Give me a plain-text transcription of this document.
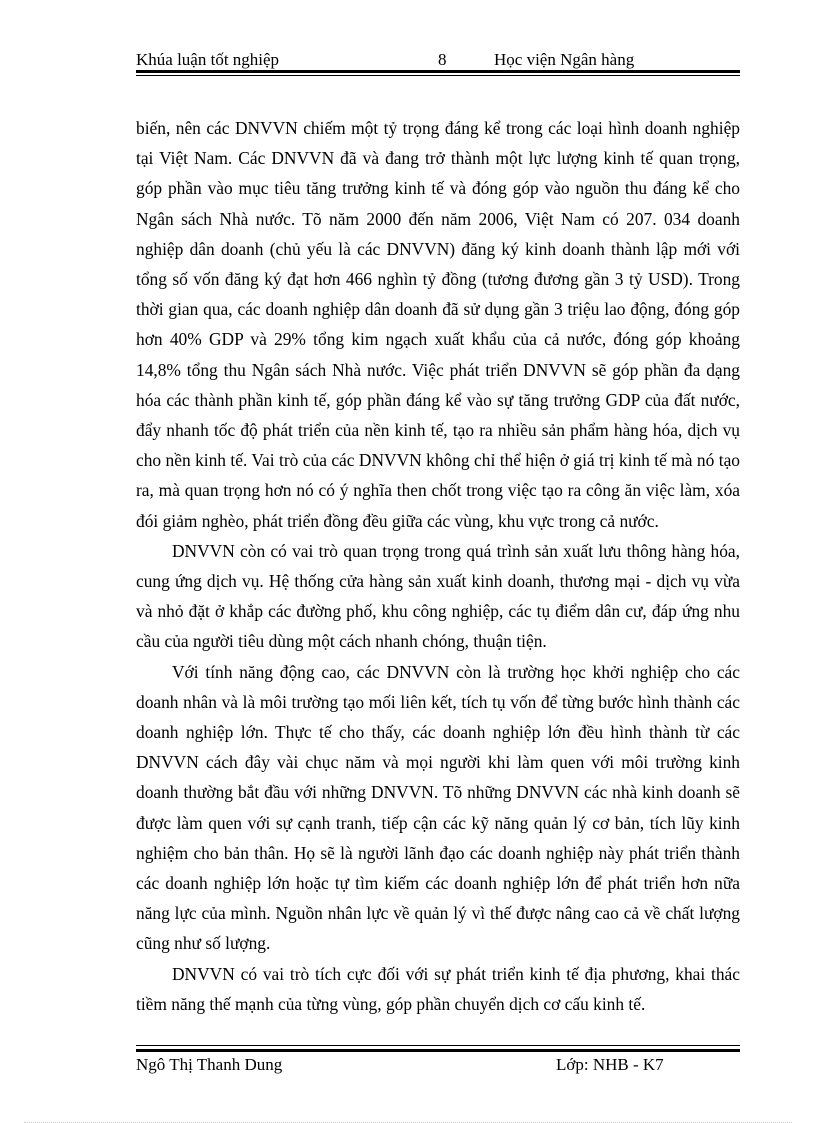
Khúa luận tốt nghiệp	8	Học viện Ngân hàng

biến, nên các DNVVN chiếm một tỷ trọng đáng kể trong các loại hình doanh nghiệp tại Việt Nam. Các DNVVN đã và đang trở thành một lực lượng kinh tế quan trọng, góp phần vào mục tiêu tăng trưởng kinh tế và đóng góp vào nguồn thu đáng kể cho Ngân sách Nhà nước. Tõ năm 2000 đến năm 2006, Việt Nam có 207. 034 doanh nghiệp dân doanh (chủ yếu là các DNVVN) đăng ký kinh doanh thành lập mới với tổng số vốn đăng ký đạt hơn 466 nghìn tỷ đồng (tương đương gần 3 tỷ USD). Trong thời gian qua, các doanh nghiệp dân doanh đã sử dụng gần 3 triệu lao động, đóng góp hơn 40% GDP và 29% tổng kim ngạch xuất khẩu của cả nước, đóng góp khoảng 14,8% tổng thu Ngân sách Nhà nước. Việc phát triển DNVVN sẽ góp phần đa dạng hóa các thành phần kinh tế, góp phần đáng kể vào sự tăng trưởng GDP của đất nước, đẩy nhanh tốc độ phát triển của nền kinh tế, tạo ra nhiều sản phẩm hàng hóa, dịch vụ cho nền kinh tế. Vai trò của các DNVVN không chỉ thể hiện ở giá trị kinh tế mà nó tạo ra, mà quan trọng hơn nó có ý nghĩa then chốt trong việc tạo ra công ăn việc làm, xóa đói giảm nghèo, phát triển đồng đều giữa các vùng, khu vực trong cả nước.

DNVVN còn có vai trò quan trọng trong quá trình sản xuất lưu thông hàng hóa, cung ứng dịch vụ. Hệ thống cửa hàng sản xuất kinh doanh, thương mại - dịch vụ vừa và nhỏ đặt ở khắp các đường phố, khu công nghiệp, các tụ điểm dân cư, đáp ứng nhu cầu của người tiêu dùng một cách nhanh chóng, thuận tiện.

Với tính năng động cao, các DNVVN còn là trường học khởi nghiệp cho các doanh nhân và là môi trường tạo mối liên kết, tích tụ vốn để từng bước hình thành các doanh nghiệp lớn. Thực tế cho thấy, các doanh nghiệp lớn đều hình thành từ các DNVVN cách đây vài chục năm và mọi người khi làm quen với môi trường kinh doanh thường bắt đầu với những DNVVN. Tõ những DNVVN các nhà kinh doanh sẽ được làm quen với sự cạnh tranh, tiếp cận các kỹ năng quản lý cơ bản, tích lũy kinh nghiệm cho bản thân. Họ sẽ là người lãnh đạo các doanh nghiệp này phát triển thành các doanh nghiệp lớn hoặc tự tìm kiếm các doanh nghiệp lớn để phát triển hơn nữa năng lực của mình. Nguồn nhân lực về quản lý vì thế được nâng cao cả về chất lượng cũng như số lượng.

DNVVN có vai trò tích cực đối với sự phát triển kinh tế địa phương, khai thác tiềm năng thế mạnh của từng vùng, góp phần chuyển dịch cơ cấu kinh tế.

Ngô Thị Thanh Dung	Lớp: NHB - K7
